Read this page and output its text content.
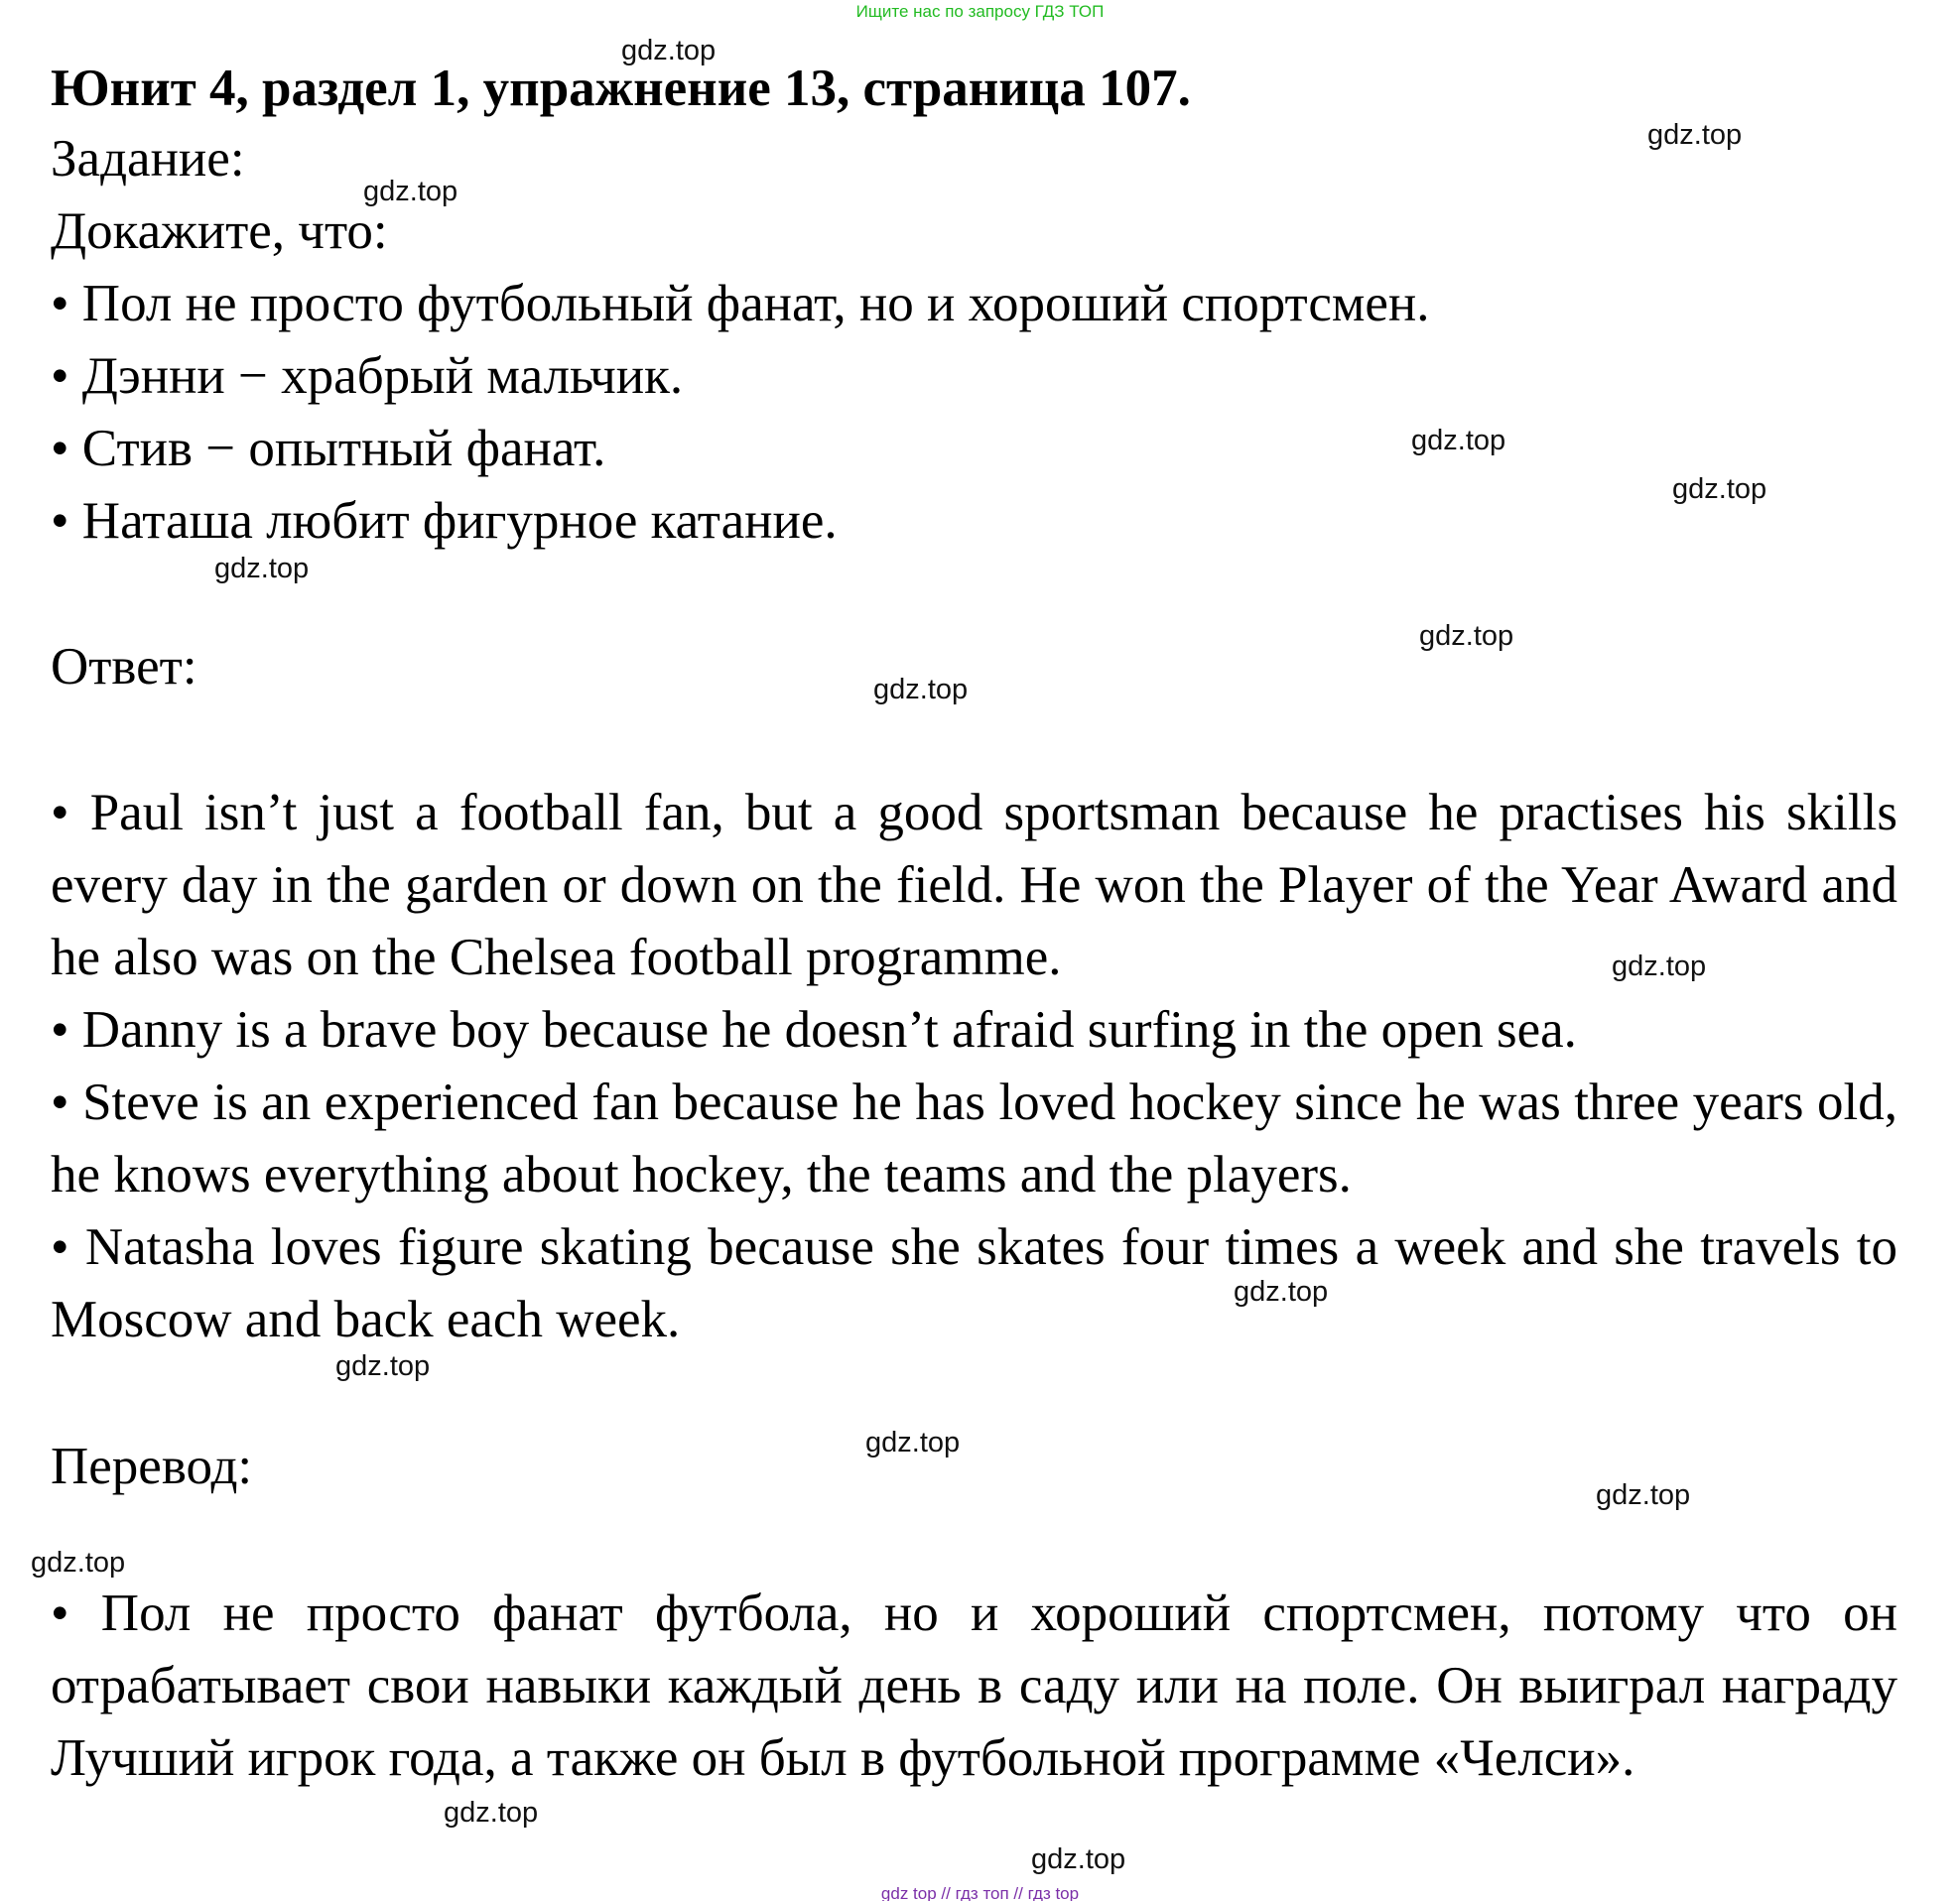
Ищите нас по запросу ГДЗ ТОП
Юнит 4, раздел 1, упражнение 13, страница 107.
Задание:
Докажите, что:
• Пол не просто футбольный фанат, но и хороший спортсмен.
• Дэнни − храбрый мальчик.
• Стив − опытный фанат.
• Наташа любит фигурное катание.
Ответ:
• Paul isn’t just a football fan, but a good sportsman because he practises his skills every day in the garden or down on the field. He won the Player of the Year Award and he also was on the Chelsea football programme.
• Danny is a brave boy because he doesn’t afraid surfing in the open sea.
• Steve is an experienced fan because he has loved hockey since he was three years old, he knows everything about hockey, the teams and the players.
• Natasha loves figure skating because she skates four times a week and she travels to Moscow and back each week.
Перевод:
• Пол не просто фанат футбола, но и хороший спортсмен, потому что он отрабатывает свои навыки каждый день в саду или на поле. Он выиграл награду Лучший игрок года, а также он был в футбольной программе «Челси».
gdz.top
gdz.top
gdz.top
gdz.top
gdz.top
gdz.top
gdz.top
gdz.top
gdz.top
gdz.top
gdz.top
gdz.top
gdz.top
gdz.top
gdz.top
gdz.top
gdz top // гдз топ // гдз top
